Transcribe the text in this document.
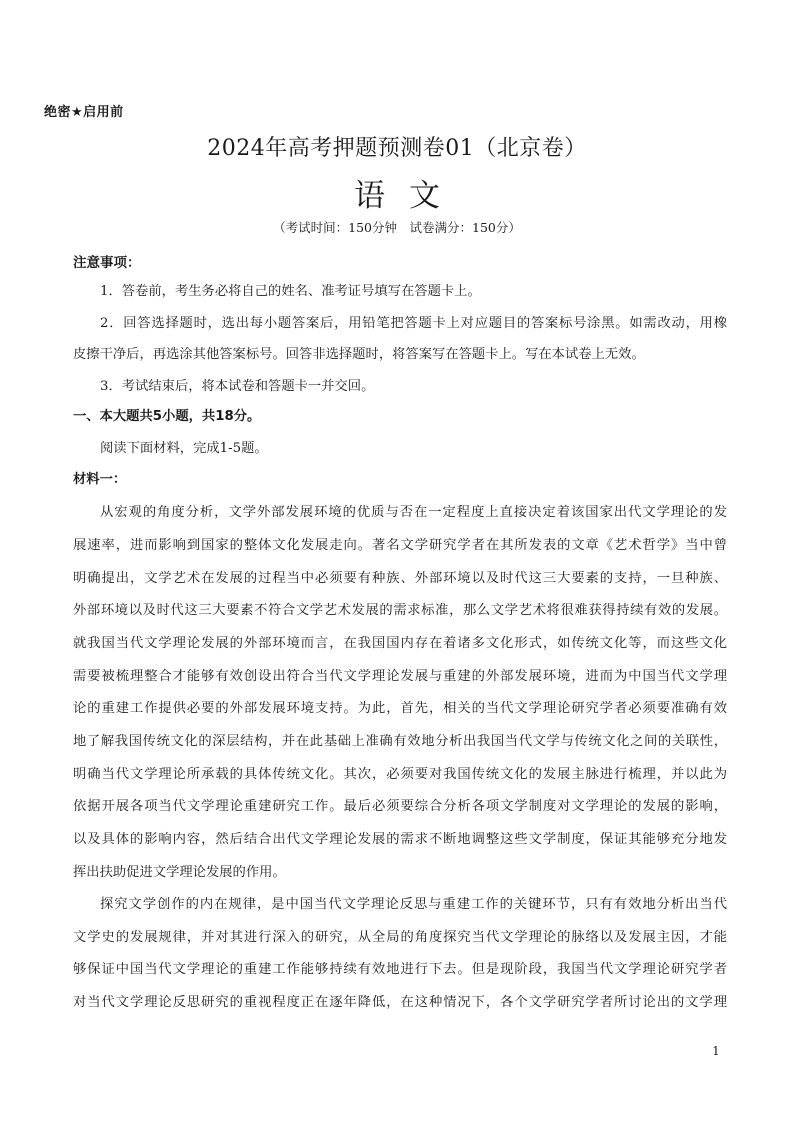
绝密★启用前
2024年高考押题预测卷01（北京卷）
语文
（考试时间：150分钟　试卷满分：150分）
注意事项：
1．答卷前，考生务必将自己的姓名、准考证号填写在答题卡上。
2．回答选择题时，选出每小题答案后，用铅笔把答题卡上对应题目的答案标号涂黑。如需改动，用橡
皮擦干净后，再选涂其他答案标号。回答非选择题时，将答案写在答题卡上。写在本试卷上无效。
3．考试结束后，将本试卷和答题卡一并交回。
一、本大题共5小题，共18分。
阅读下面材料，完成1-5题。
材料一：
从宏观的角度分析，文学外部发展环境的优质与否在一定程度上直接决定着该国家出代文学理论的发
展速率，进而影响到国家的整体文化发展走向。著名文学研究学者在其所发表的文章《艺术哲学》当中曾
明确提出，文学艺术在发展的过程当中必须要有种族、外部环境以及时代这三大要素的支持，一旦种族、
外部环境以及时代这三大要素不符合文学艺术发展的需求标准，那么文学艺术将很难获得持续有效的发展。
就我国当代文学理论发展的外部环境而言，在我国国内存在着诸多文化形式，如传统文化等，而这些文化
需要被梳理整合才能够有效创设出符合当代文学理论发展与重建的外部发展环境，进而为中国当代文学理
论的重建工作提供必要的外部发展环境支持。为此，首先，相关的当代文学理论研究学者必须要准确有效
地了解我国传统文化的深层结构，并在此基础上准确有效地分析出我国当代文学与传统文化之间的关联性，
明确当代文学理论所承载的具体传统文化。其次，必须要对我国传统文化的发展主脉进行梳理，并以此为
依据开展各项当代文学理论重建研究工作。最后必须要综合分析各项文学制度对文学理论的发展的影响，
以及具体的影响内容，然后结合出代文学理论发展的需求不断地调整这些文学制度，保证其能够充分地发
挥出扶助促进文学理论发展的作用。
探究文学创作的内在规律，是中国当代文学理论反思与重建工作的关键环节，只有有效地分析出当代
文学史的发展规律，并对其进行深入的研究，从全局的角度探究当代文学理论的脉络以及发展主因，才能
够保证中国当代文学理论的重建工作能够持续有效地进行下去。但是现阶段，我国当代文学理论研究学者
对当代文学理论反思研究的重视程度正在逐年降低，在这种情况下，各个文学研究学者所讨论出的文学理
1
